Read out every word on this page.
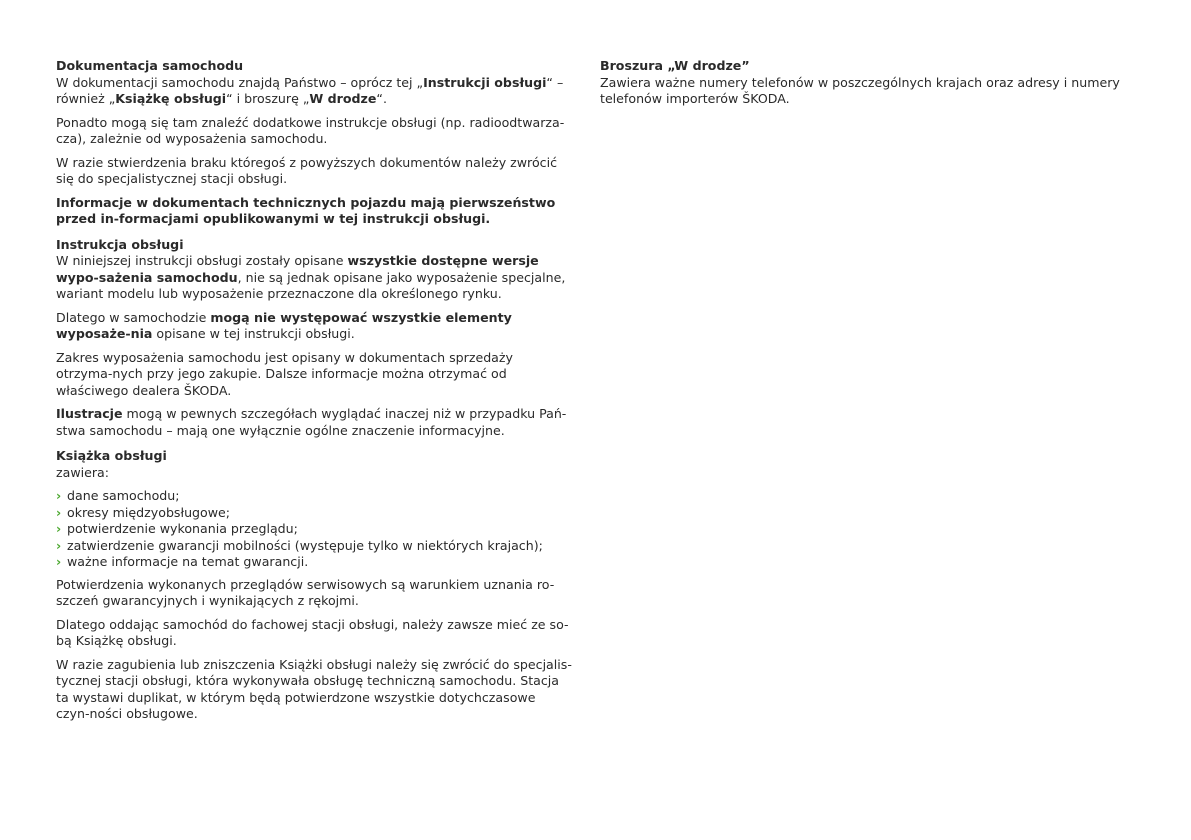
Dokumentacja samochodu

W dokumentacji samochodu znajdą Państwo – oprócz tej „Instrukcji obsługi“ –
również „Książkę obsługi“ i broszurę „W drodze“.

Ponadto mogą się tam znaleźć dodatkowe instrukcje obsługi (np. radioodtwarza-cza), zależnie od wyposażenia samochodu.

W razie stwierdzenia braku któregoś z powyższych dokumentów należy zwrócić się do specjalistycznej stacji obsługi.

Informacje w dokumentach technicznych pojazdu mają pierwszeństwo przed in-formacjami opublikowanymi w tej instrukcji obsługi.

Instrukcja obsługi

W niniejszej instrukcji obsługi zostały opisane wszystkie dostępne wersje wypo-sażenia samochodu, nie są jednak opisane jako wyposażenie specjalne, wariant modelu lub wyposażenie przeznaczone dla określonego rynku.

Dlatego w samochodzie mogą nie występować wszystkie elementy wyposaże-nia opisane w tej instrukcji obsługi.

Zakres wyposażenia samochodu jest opisany w dokumentach sprzedaży otrzyma-nych przy jego zakupie. Dalsze informacje można otrzymać od właściwego dealera ŠKODA.

Ilustracje mogą w pewnych szczegółach wyglądać inaczej niż w przypadku Pań-stwa samochodu – mają one wyłącznie ogólne znaczenie informacyjne.

Książka obsługi

zawiera:

› dane samochodu;
› okresy międzyobsługowe;
› potwierdzenie wykonania przeglądu;
› zatwierdzenie gwarancji mobilności (występuje tylko w niektórych krajach);
› ważne informacje na temat gwarancji.

Potwierdzenia wykonanych przeglądów serwisowych są warunkiem uznania ro-szczeń gwarancyjnych i wynikających z rękojmi.

Dlatego oddając samochód do fachowej stacji obsługi, należy zawsze mieć ze so-bą Książkę obsługi.

W razie zagubienia lub zniszczenia Książki obsługi należy się zwrócić do specjalis-tycznej stacji obsługi, która wykonywała obsługę techniczną samochodu. Stacja ta wystawi duplikat, w którym będą potwierdzone wszystkie dotychczasowe czyn-ności obsługowe.

Broszura „W drodze”

Zawiera ważne numery telefonów w poszczególnych krajach oraz adresy i numery telefonów importerów ŠKODA.
